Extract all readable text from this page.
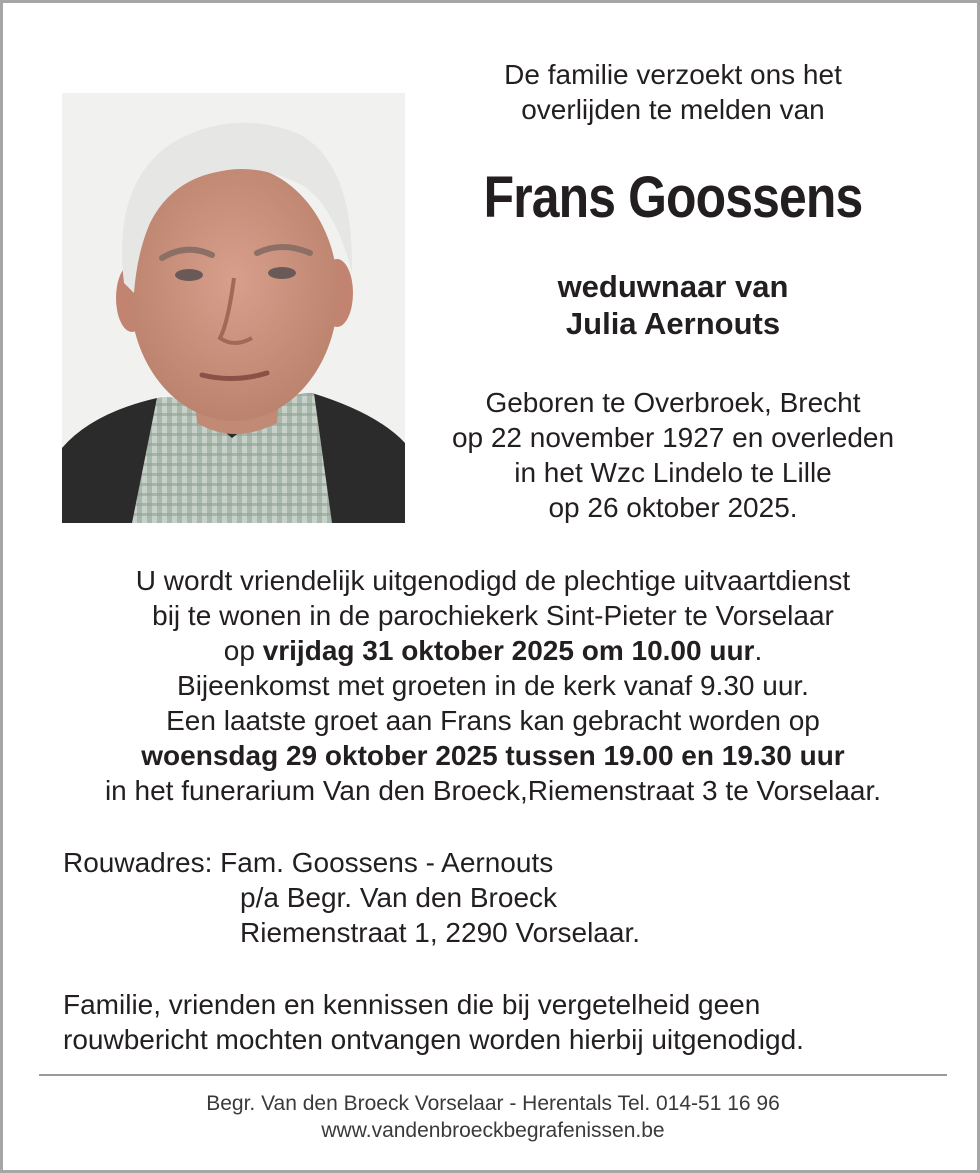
De familie verzoekt ons het
overlijden te melden van
Frans Goossens
weduwnaar van
Julia Aernouts
Geboren te Overbroek, Brecht
op 22 november 1927 en overleden
in het Wzc Lindelo te Lille
op 26 oktober 2025.
U wordt vriendelijk uitgenodigd de plechtige uitvaartdienst
bij te wonen in de parochiekerk Sint-Pieter te Vorselaar
op vrijdag 31 oktober 2025 om 10.00 uur.
Bijeenkomst met groeten in de kerk vanaf 9.30 uur.
Een laatste groet aan Frans kan gebracht worden op
woensdag 29 oktober 2025 tussen 19.00 en 19.30 uur
in het funerarium Van den Broeck,Riemenstraat 3 te Vorselaar.
Rouwadres: Fam. Goossens - Aernouts
p/a Begr. Van den Broeck
Riemenstraat 1, 2290 Vorselaar.
Familie, vrienden en kennissen die bij vergetelheid geen
rouwbericht mochten ontvangen worden hierbij uitgenodigd.
Begr. Van den Broeck Vorselaar - Herentals Tel. 014-51 16 96
www.vandenbroeckbegrafenissen.be
